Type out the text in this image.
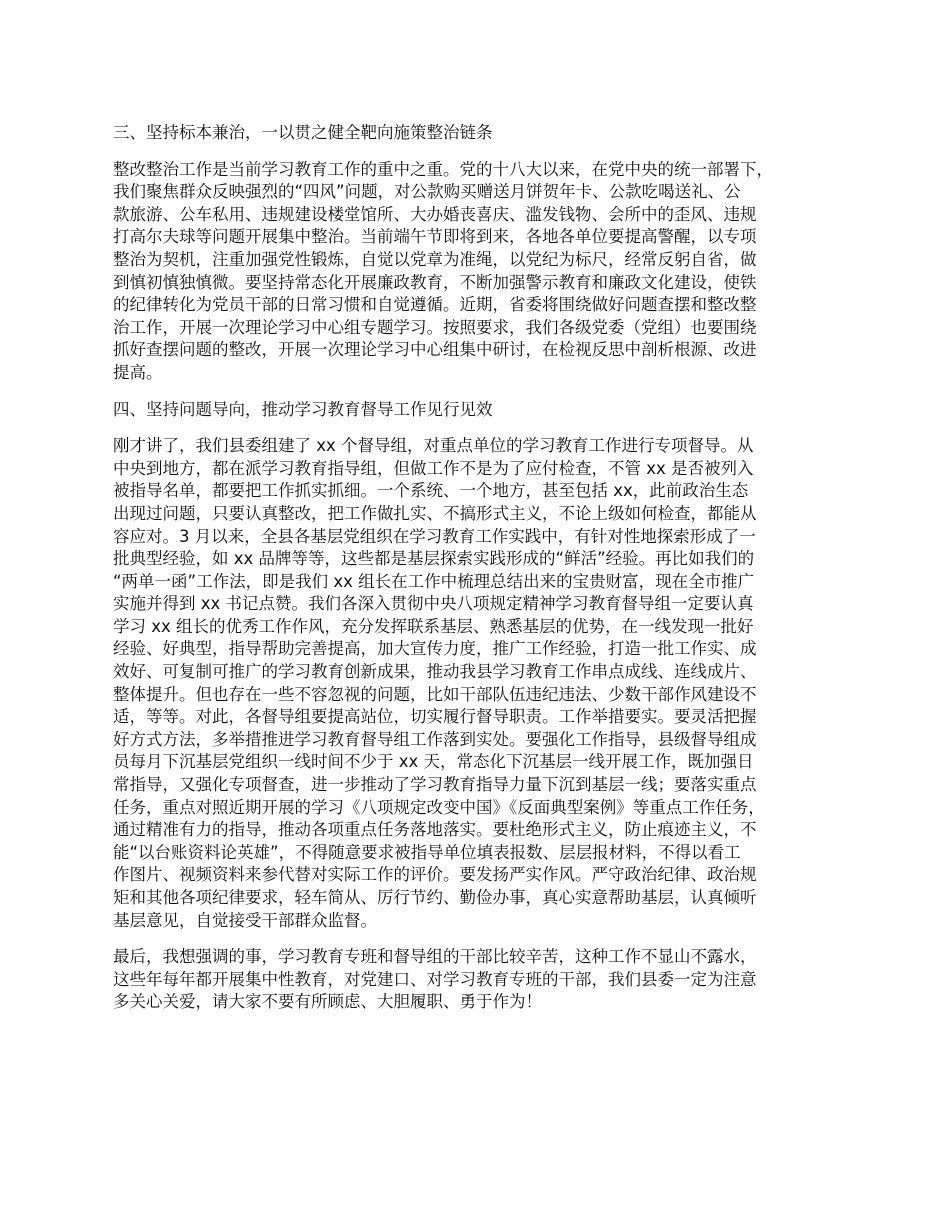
三、坚持标本兼治，一以贯之健全靶向施策整治链条
整改整治工作是当前学习教育工作的重中之重。党的十八大以来，在党中央的统一部署下，
我们聚焦群众反映强烈的“四风”问题，对公款购买赠送月饼贺年卡、公款吃喝送礼、公
款旅游、公车私用、违规建设楼堂馆所、大办婚丧喜庆、滥发钱物、会所中的歪风、违规
打高尔夫球等问题开展集中整治。当前端午节即将到来，各地各单位要提高警醒，以专项
整治为契机，注重加强党性锻炼，自觉以党章为准绳，以党纪为标尺，经常反躬自省，做
到慎初慎独慎微。要坚持常态化开展廉政教育，不断加强警示教育和廉政文化建设，使铁
的纪律转化为党员干部的日常习惯和自觉遵循。近期，省委将围绕做好问题查摆和整改整
治工作，开展一次理论学习中心组专题学习。按照要求，我们各级党委（党组）也要围绕
抓好查摆问题的整改，开展一次理论学习中心组集中研讨，在检视反思中剖析根源、改进
提高。
四、坚持问题导向，推动学习教育督导工作见行见效
刚才讲了，我们县委组建了 xx 个督导组，对重点单位的学习教育工作进行专项督导。从
中央到地方，都在派学习教育指导组，但做工作不是为了应付检查，不管 xx 是否被列入
被指导名单，都要把工作抓实抓细。一个系统、一个地方，甚至包括 xx，此前政治生态
出现过问题，只要认真整改，把工作做扎实、不搞形式主义，不论上级如何检查，都能从
容应对。3 月以来，全县各基层党组织在学习教育工作实践中，有针对性地探索形成了一
批典型经验，如 xx 品牌等等，这些都是基层探索实践形成的“鲜活”经验。再比如我们的
“两单一函”工作法，即是我们 xx 组长在工作中梳理总结出来的宝贵财富，现在全市推广
实施并得到 xx 书记点赞。我们各深入贯彻中央八项规定精神学习教育督导组一定要认真
学习 xx 组长的优秀工作作风，充分发挥联系基层、熟悉基层的优势，在一线发现一批好
经验、好典型，指导帮助完善提高，加大宣传力度，推广工作经验，打造一批工作实、成
效好、可复制可推广的学习教育创新成果，推动我县学习教育工作串点成线、连线成片、
整体提升。但也存在一些不容忽视的问题，比如干部队伍违纪违法、少数干部作风建设不
适，等等。对此，各督导组要提高站位，切实履行督导职责。工作举措要实。要灵活把握
好方式方法，多举措推进学习教育督导组工作落到实处。要强化工作指导，县级督导组成
员每月下沉基层党组织一线时间不少于 xx 天，常态化下沉基层一线开展工作，既加强日
常指导，又强化专项督查，进一步推动了学习教育指导力量下沉到基层一线；要落实重点
任务，重点对照近期开展的学习《八项规定改变中国》《反面典型案例》等重点工作任务，
通过精准有力的指导，推动各项重点任务落地落实。要杜绝形式主义，防止痕迹主义，不
能“以台账资料论英雄”，不得随意要求被指导单位填表报数、层层报材料，不得以看工
作图片、视频资料来参代替对实际工作的评价。要发扬严实作风。严守政治纪律、政治规
矩和其他各项纪律要求，轻车简从、厉行节约、勤俭办事，真心实意帮助基层，认真倾听
基层意见，自觉接受干部群众监督。
最后，我想强调的事，学习教育专班和督导组的干部比较辛苦，这种工作不显山不露水，
这些年每年都开展集中性教育，对党建口、对学习教育专班的干部，我们县委一定为注意
多关心关爱，请大家不要有所顾虑、大胆履职、勇于作为！
